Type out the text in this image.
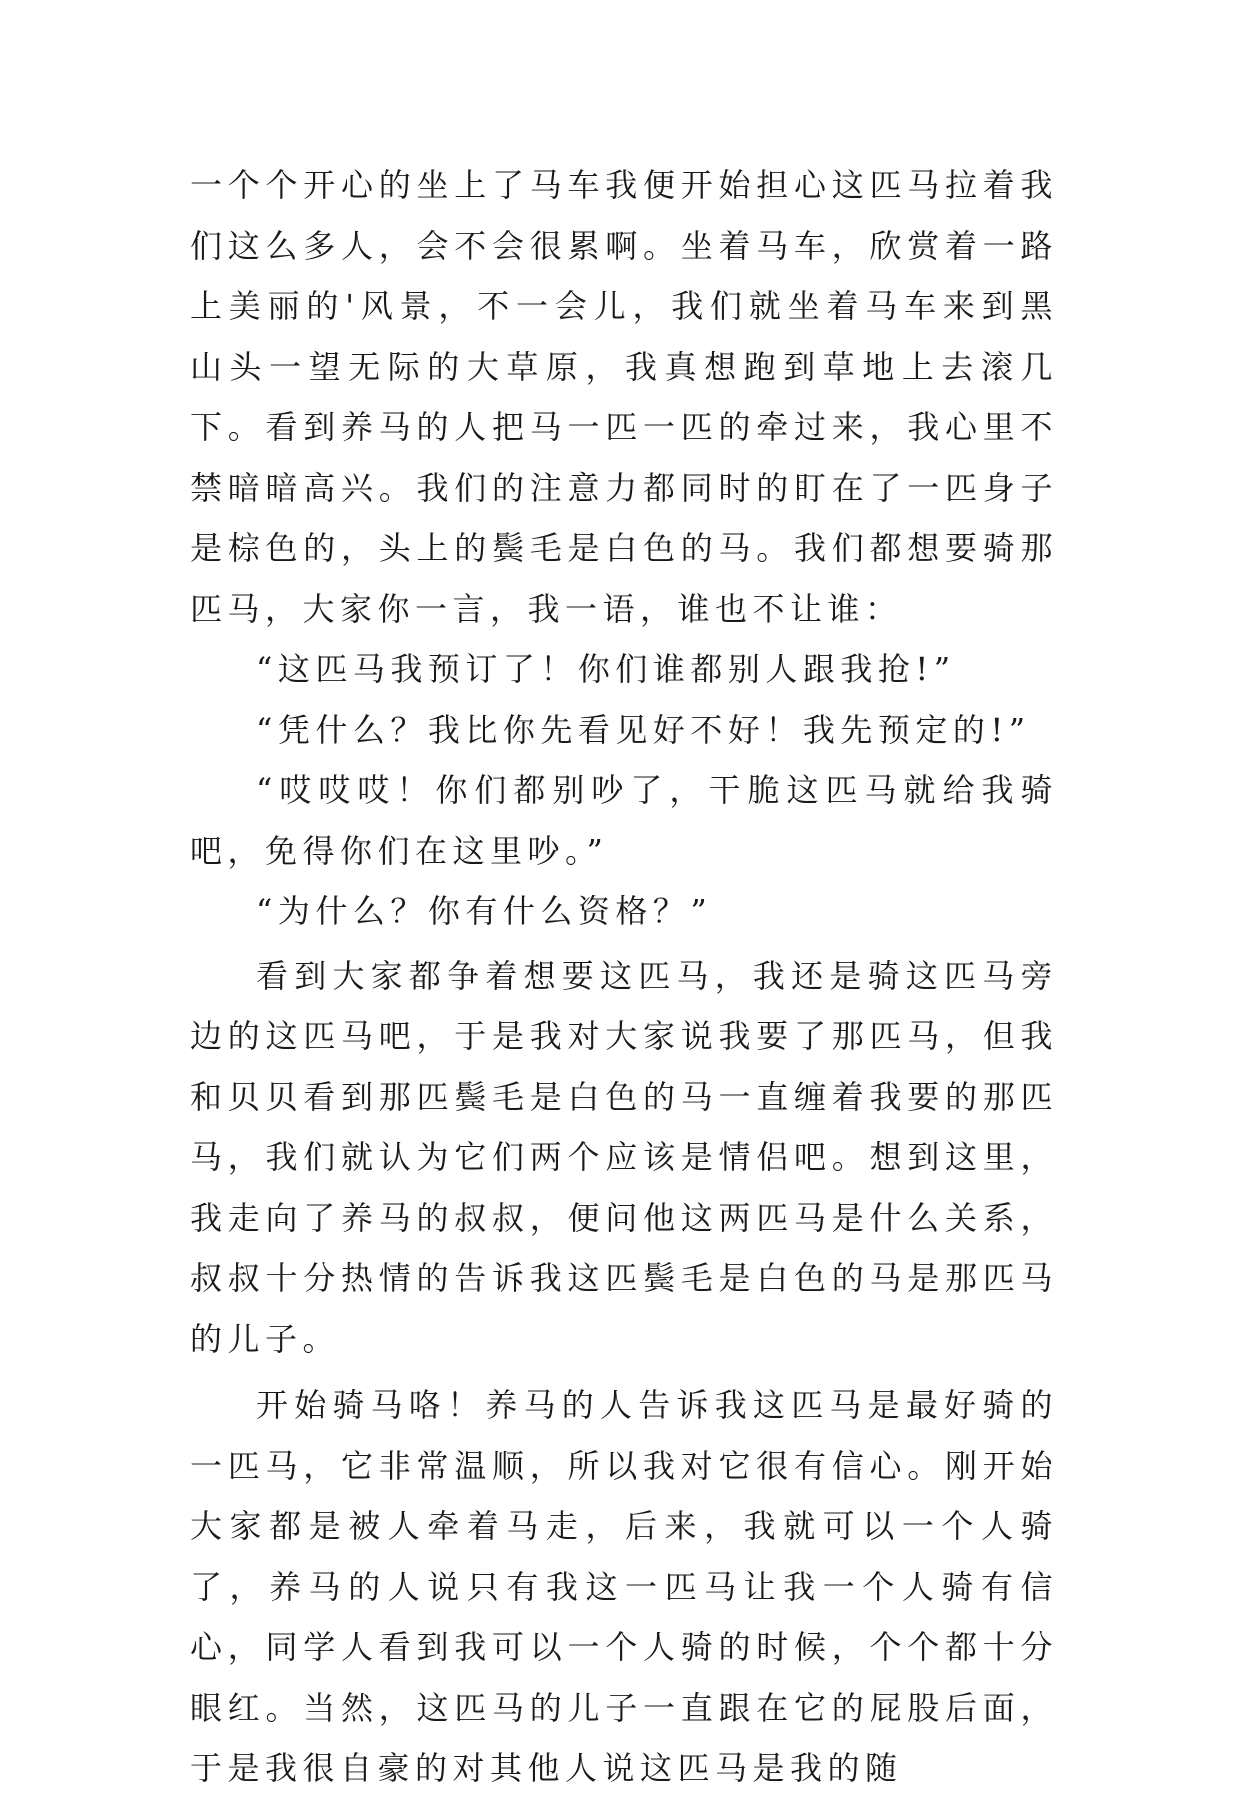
一个个开心的坐上了马车我便开始担心这匹马拉着我们这么多人，会不会很累啊。坐着马车，欣赏着一路上美丽的'风景，不一会儿，我们就坐着马车来到黑山头一望无际的大草原，我真想跑到草地上去滚几下。看到养马的人把马一匹一匹的牵过来，我心里不禁暗暗高兴。我们的注意力都同时的盯在了一匹身子是棕色的，头上的鬓毛是白色的马。我们都想要骑那匹马，大家你一言，我一语，谁也不让谁：

“这匹马我预订了！你们谁都别人跟我抢!”

“凭什么？我比你先看见好不好！我先预定的!”

“哎哎哎！你们都别吵了，干脆这匹马就给我骑吧，免得你们在这里吵。”

“为什么？你有什么资格？”

看到大家都争着想要这匹马，我还是骑这匹马旁边的这匹马吧，于是我对大家说我要了那匹马，但我和贝贝看到那匹鬓毛是白色的马一直缠着我要的那匹马，我们就认为它们两个应该是情侣吧。想到这里，我走向了养马的叔叔，便问他这两匹马是什么关系，叔叔十分热情的告诉我这匹鬓毛是白色的马是那匹马的儿子。

开始骑马咯！养马的人告诉我这匹马是最好骑的一匹马，它非常温顺，所以我对它很有信心。刚开始大家都是被人牵着马走，后来，我就可以一个人骑了，养马的人说只有我这一匹马让我一个人骑有信心，同学人看到我可以一个人骑的时候，个个都十分眼红。当然，这匹马的儿子一直跟在它的屁股后面，于是我很自豪的对其他人说这匹马是我的随
